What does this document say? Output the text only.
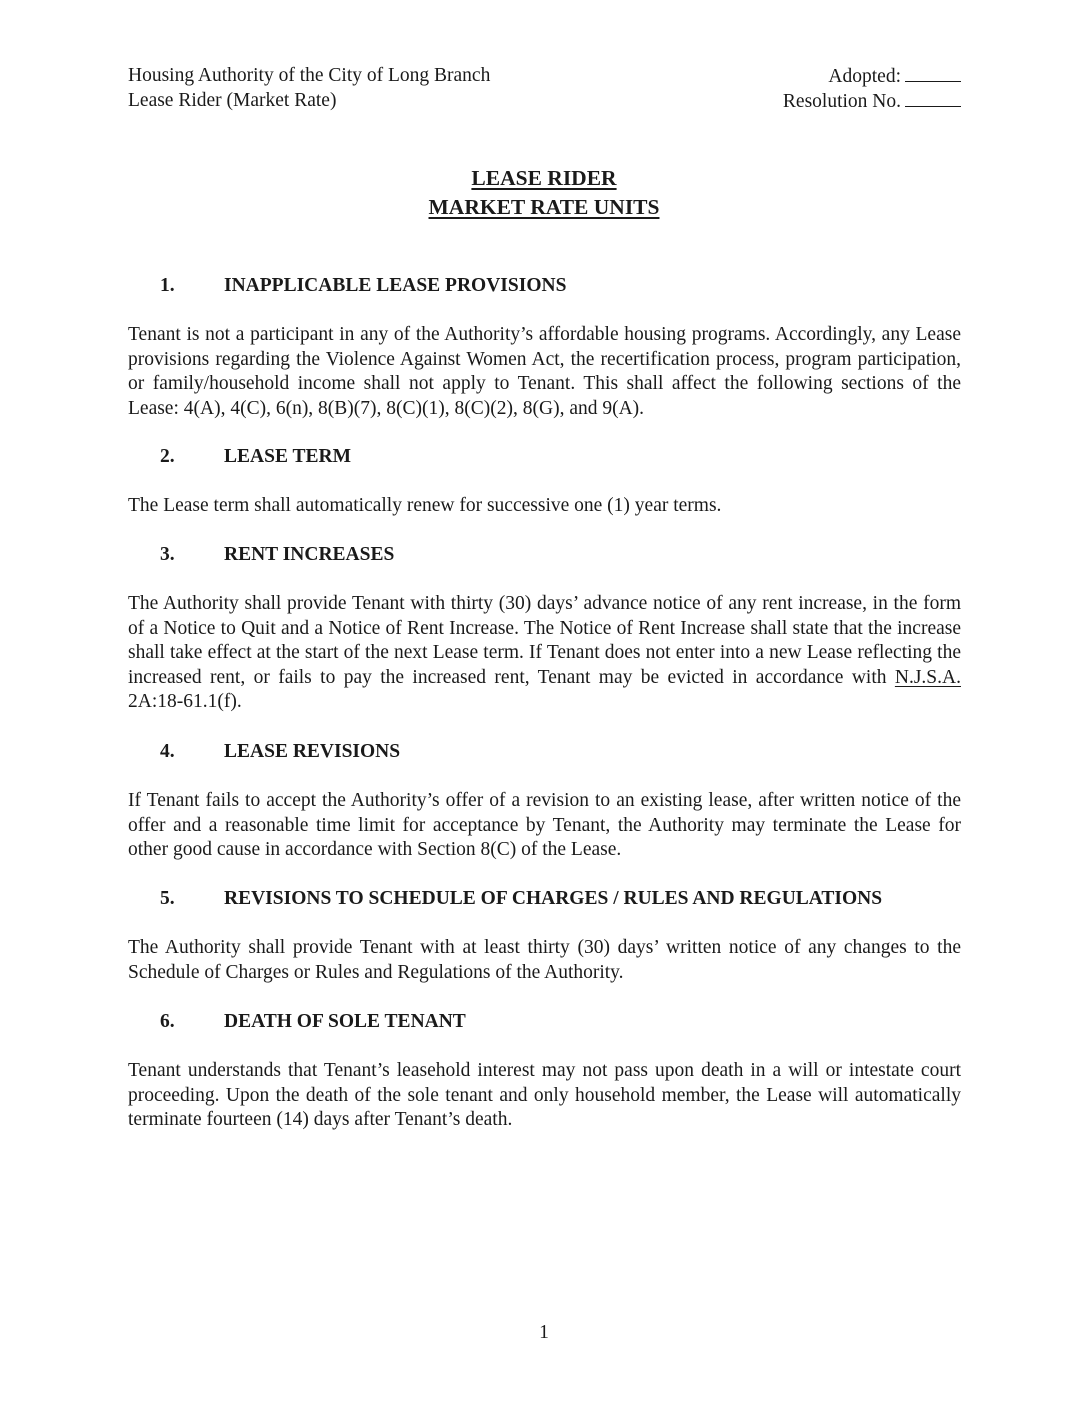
Housing Authority of the City of Long Branch	Adopted:
Lease Rider (Market Rate)	Resolution No.
LEASE RIDER
MARKET RATE UNITS
1.	INAPPLICABLE LEASE PROVISIONS
Tenant is not a participant in any of the Authority’s affordable housing programs. Accordingly, any Lease provisions regarding the Violence Against Women Act, the recertification process, program participation, or family/household income shall not apply to Tenant. This shall affect the following sections of the Lease: 4(A), 4(C), 6(n), 8(B)(7), 8(C)(1), 8(C)(2), 8(G), and 9(A).
2.	LEASE TERM
The Lease term shall automatically renew for successive one (1) year terms.
3.	RENT INCREASES
The Authority shall provide Tenant with thirty (30) days’ advance notice of any rent increase, in the form of a Notice to Quit and a Notice of Rent Increase. The Notice of Rent Increase shall state that the increase shall take effect at the start of the next Lease term. If Tenant does not enter into a new Lease reflecting the increased rent, or fails to pay the increased rent, Tenant may be evicted in accordance with N.J.S.A. 2A:18-61.1(f).
4.	LEASE REVISIONS
If Tenant fails to accept the Authority’s offer of a revision to an existing lease, after written notice of the offer and a reasonable time limit for acceptance by Tenant, the Authority may terminate the Lease for other good cause in accordance with Section 8(C) of the Lease.
5.	REVISIONS TO SCHEDULE OF CHARGES / RULES AND REGULATIONS
The Authority shall provide Tenant with at least thirty (30) days’ written notice of any changes to the Schedule of Charges or Rules and Regulations of the Authority.
6.	DEATH OF SOLE TENANT
Tenant understands that Tenant’s leasehold interest may not pass upon death in a will or intestate court proceeding. Upon the death of the sole tenant and only household member, the Lease will automatically terminate fourteen (14) days after Tenant’s death.
1
